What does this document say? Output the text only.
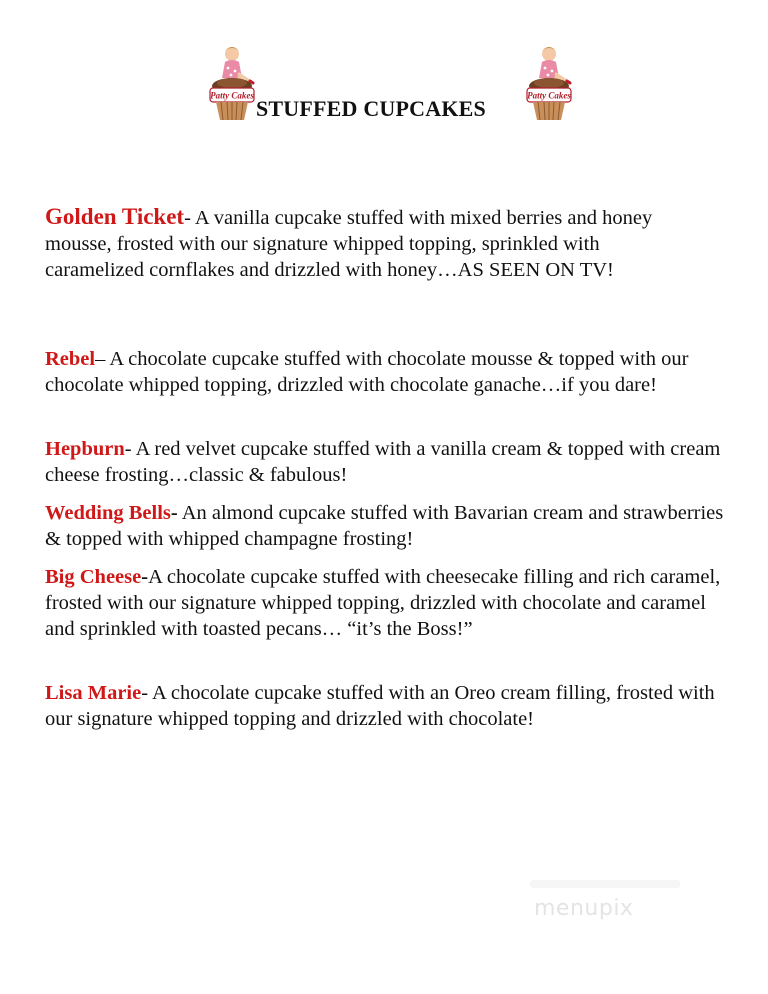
Patty Cakes
STUFFED CUPCAKES
Patty Cakes

Golden Ticket- A vanilla cupcake stuffed with mixed berries and honey mousse, frosted with our signature whipped topping, sprinkled with caramelized cornflakes and drizzled with honey…AS SEEN ON TV!

Rebel– A chocolate cupcake stuffed with chocolate mousse & topped with our chocolate whipped topping, drizzled with chocolate ganache…if you dare!

Hepburn- A red velvet cupcake stuffed with a vanilla cream & topped with cream cheese frosting…classic & fabulous!

Wedding Bells- An almond cupcake stuffed with Bavarian cream and strawberries & topped with whipped champagne frosting!

Big Cheese-A chocolate cupcake stuffed with cheesecake filling and rich caramel, frosted with our signature whipped topping, drizzled with chocolate and caramel and sprinkled with toasted pecans… “it’s the Boss!”

Lisa Marie- A chocolate cupcake stuffed with an Oreo cream filling, frosted with our signature whipped topping and drizzled with chocolate!

menupix
